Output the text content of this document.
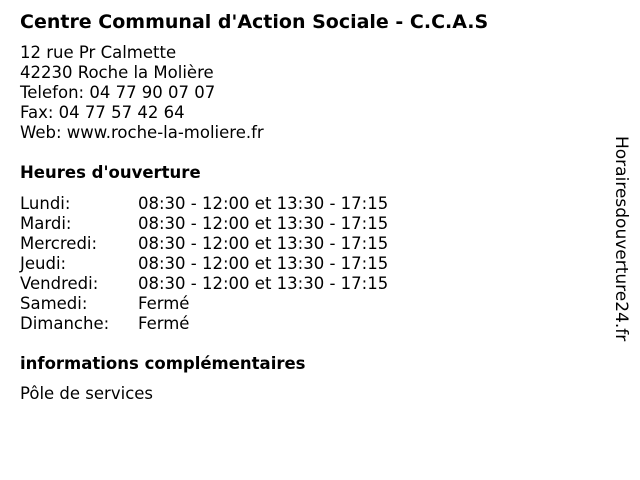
Centre Communal d'Action Sociale - C.C.A.S
12 rue Pr Calmette
42230 Roche la Molière
Telefon: 04 77 90 07 07
Fax: 04 77 57 42 64
Web: www.roche-la-moliere.fr
Heures d'ouverture
Lundi:	08:30 - 12:00 et 13:30 - 17:15
Mardi:	08:30 - 12:00 et 13:30 - 17:15
Mercredi:	08:30 - 12:00 et 13:30 - 17:15
Jeudi:	08:30 - 12:00 et 13:30 - 17:15
Vendredi:	08:30 - 12:00 et 13:30 - 17:15
Samedi:	Fermé
Dimanche:	Fermé
informations complémentaires
Pôle de services
Horairesdouverture24.fr
